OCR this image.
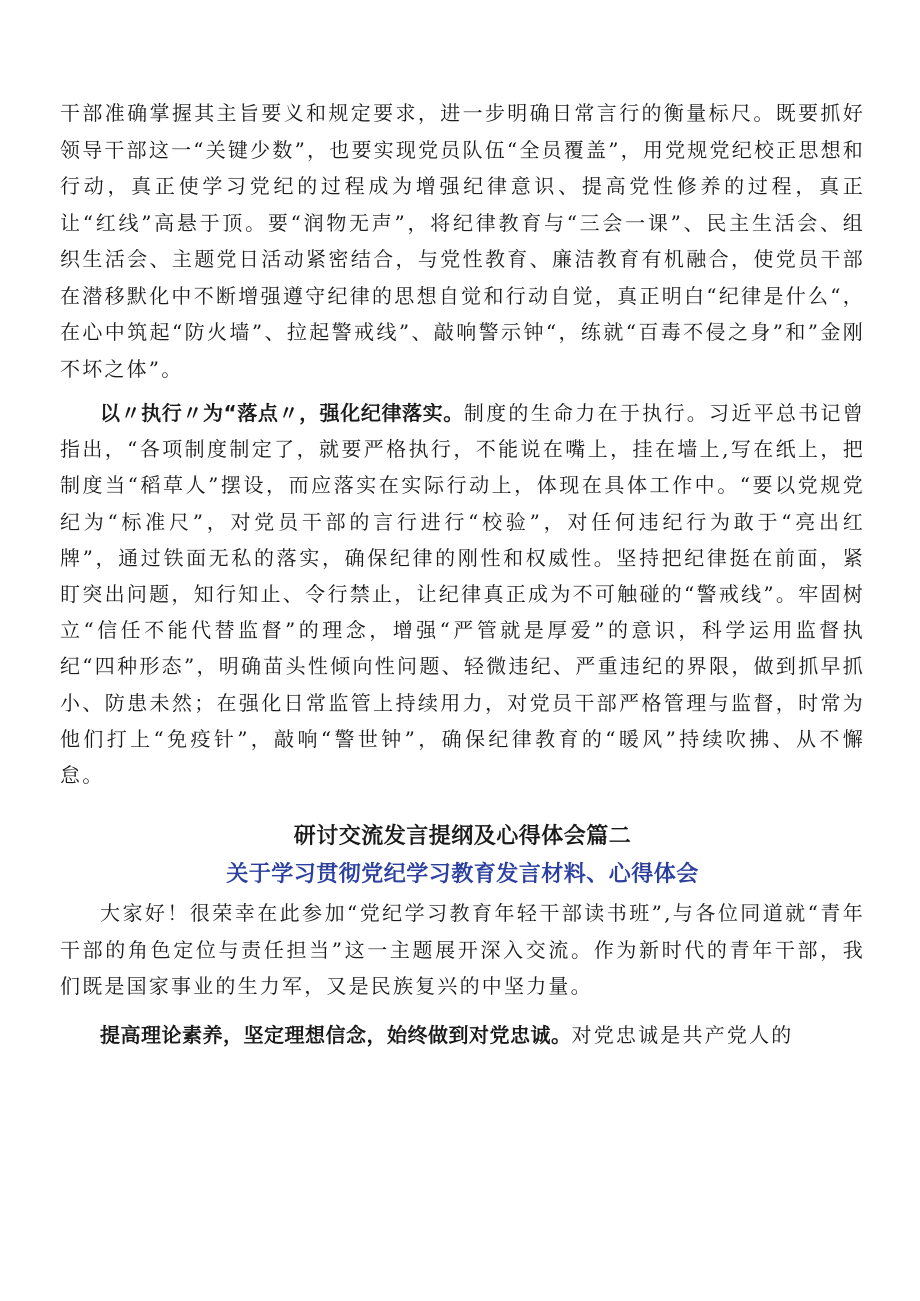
干部准确掌握其主旨要义和规定要求，进一步明确日常言行的衡量标尺。既要抓好领导干部这一“关键少数”，也要实现党员队伍“全员覆盖”，用党规党纪校正思想和行动，真正使学习党纪的过程成为增强纪律意识、提高党性修养的过程，真正让“红线”高悬于顶。要“润物无声”，将纪律教育与“三会一课”、民主生活会、组织生活会、主题党日活动紧密结合，与党性教育、廉洁教育有机融合，使党员干部在潜移默化中不断增强遵守纪律的思想自觉和行动自觉，真正明白“纪律是什么“，在心中筑起“防火墙”、拉起警戒线”、敲响警示钟“，练就“百毒不侵之身”和”金刚不坏之体”。

以〃执行〃为“落点〃，强化纪律落实。制度的生命力在于执行。习近平总书记曾指出，“各项制度制定了，就要严格执行，不能说在嘴上，挂在墙上,写在纸上，把制度当“稻草人”摆设，而应落实在实际行动上，体现在具体工作中。“要以党规党纪为“标准尺”，对党员干部的言行进行“校验”，对任何违纪行为敢于“亮出红牌”，通过铁面无私的落实，确保纪律的刚性和权威性。坚持把纪律挺在前面，紧盯突出问题，知行知止、令行禁止，让纪律真正成为不可触碰的“警戒线”。牢固树立“信任不能代替监督”的理念，增强“严管就是厚爱”的意识，科学运用监督执纪“四种形态”，明确苗头性倾向性问题、轻微违纪、严重违纪的界限，做到抓早抓小、防患未然；在强化日常监管上持续用力，对党员干部严格管理与监督，时常为他们打上“免疫针”，敲响“警世钟”，确保纪律教育的“暖风”持续吹拂、从不懈怠。

研讨交流发言提纲及心得体会篇二
关于学习贯彻党纪学习教育发言材料、心得体会

大家好！很荣幸在此参加“党纪学习教育年轻干部读书班”,与各位同道就“青年干部的角色定位与责任担当”这一主题展开深入交流。作为新时代的青年干部，我们既是国家事业的生力军，又是民族复兴的中坚力量。

提高理论素养，坚定理想信念，始终做到对党忠诚。对党忠诚是共产党人的
